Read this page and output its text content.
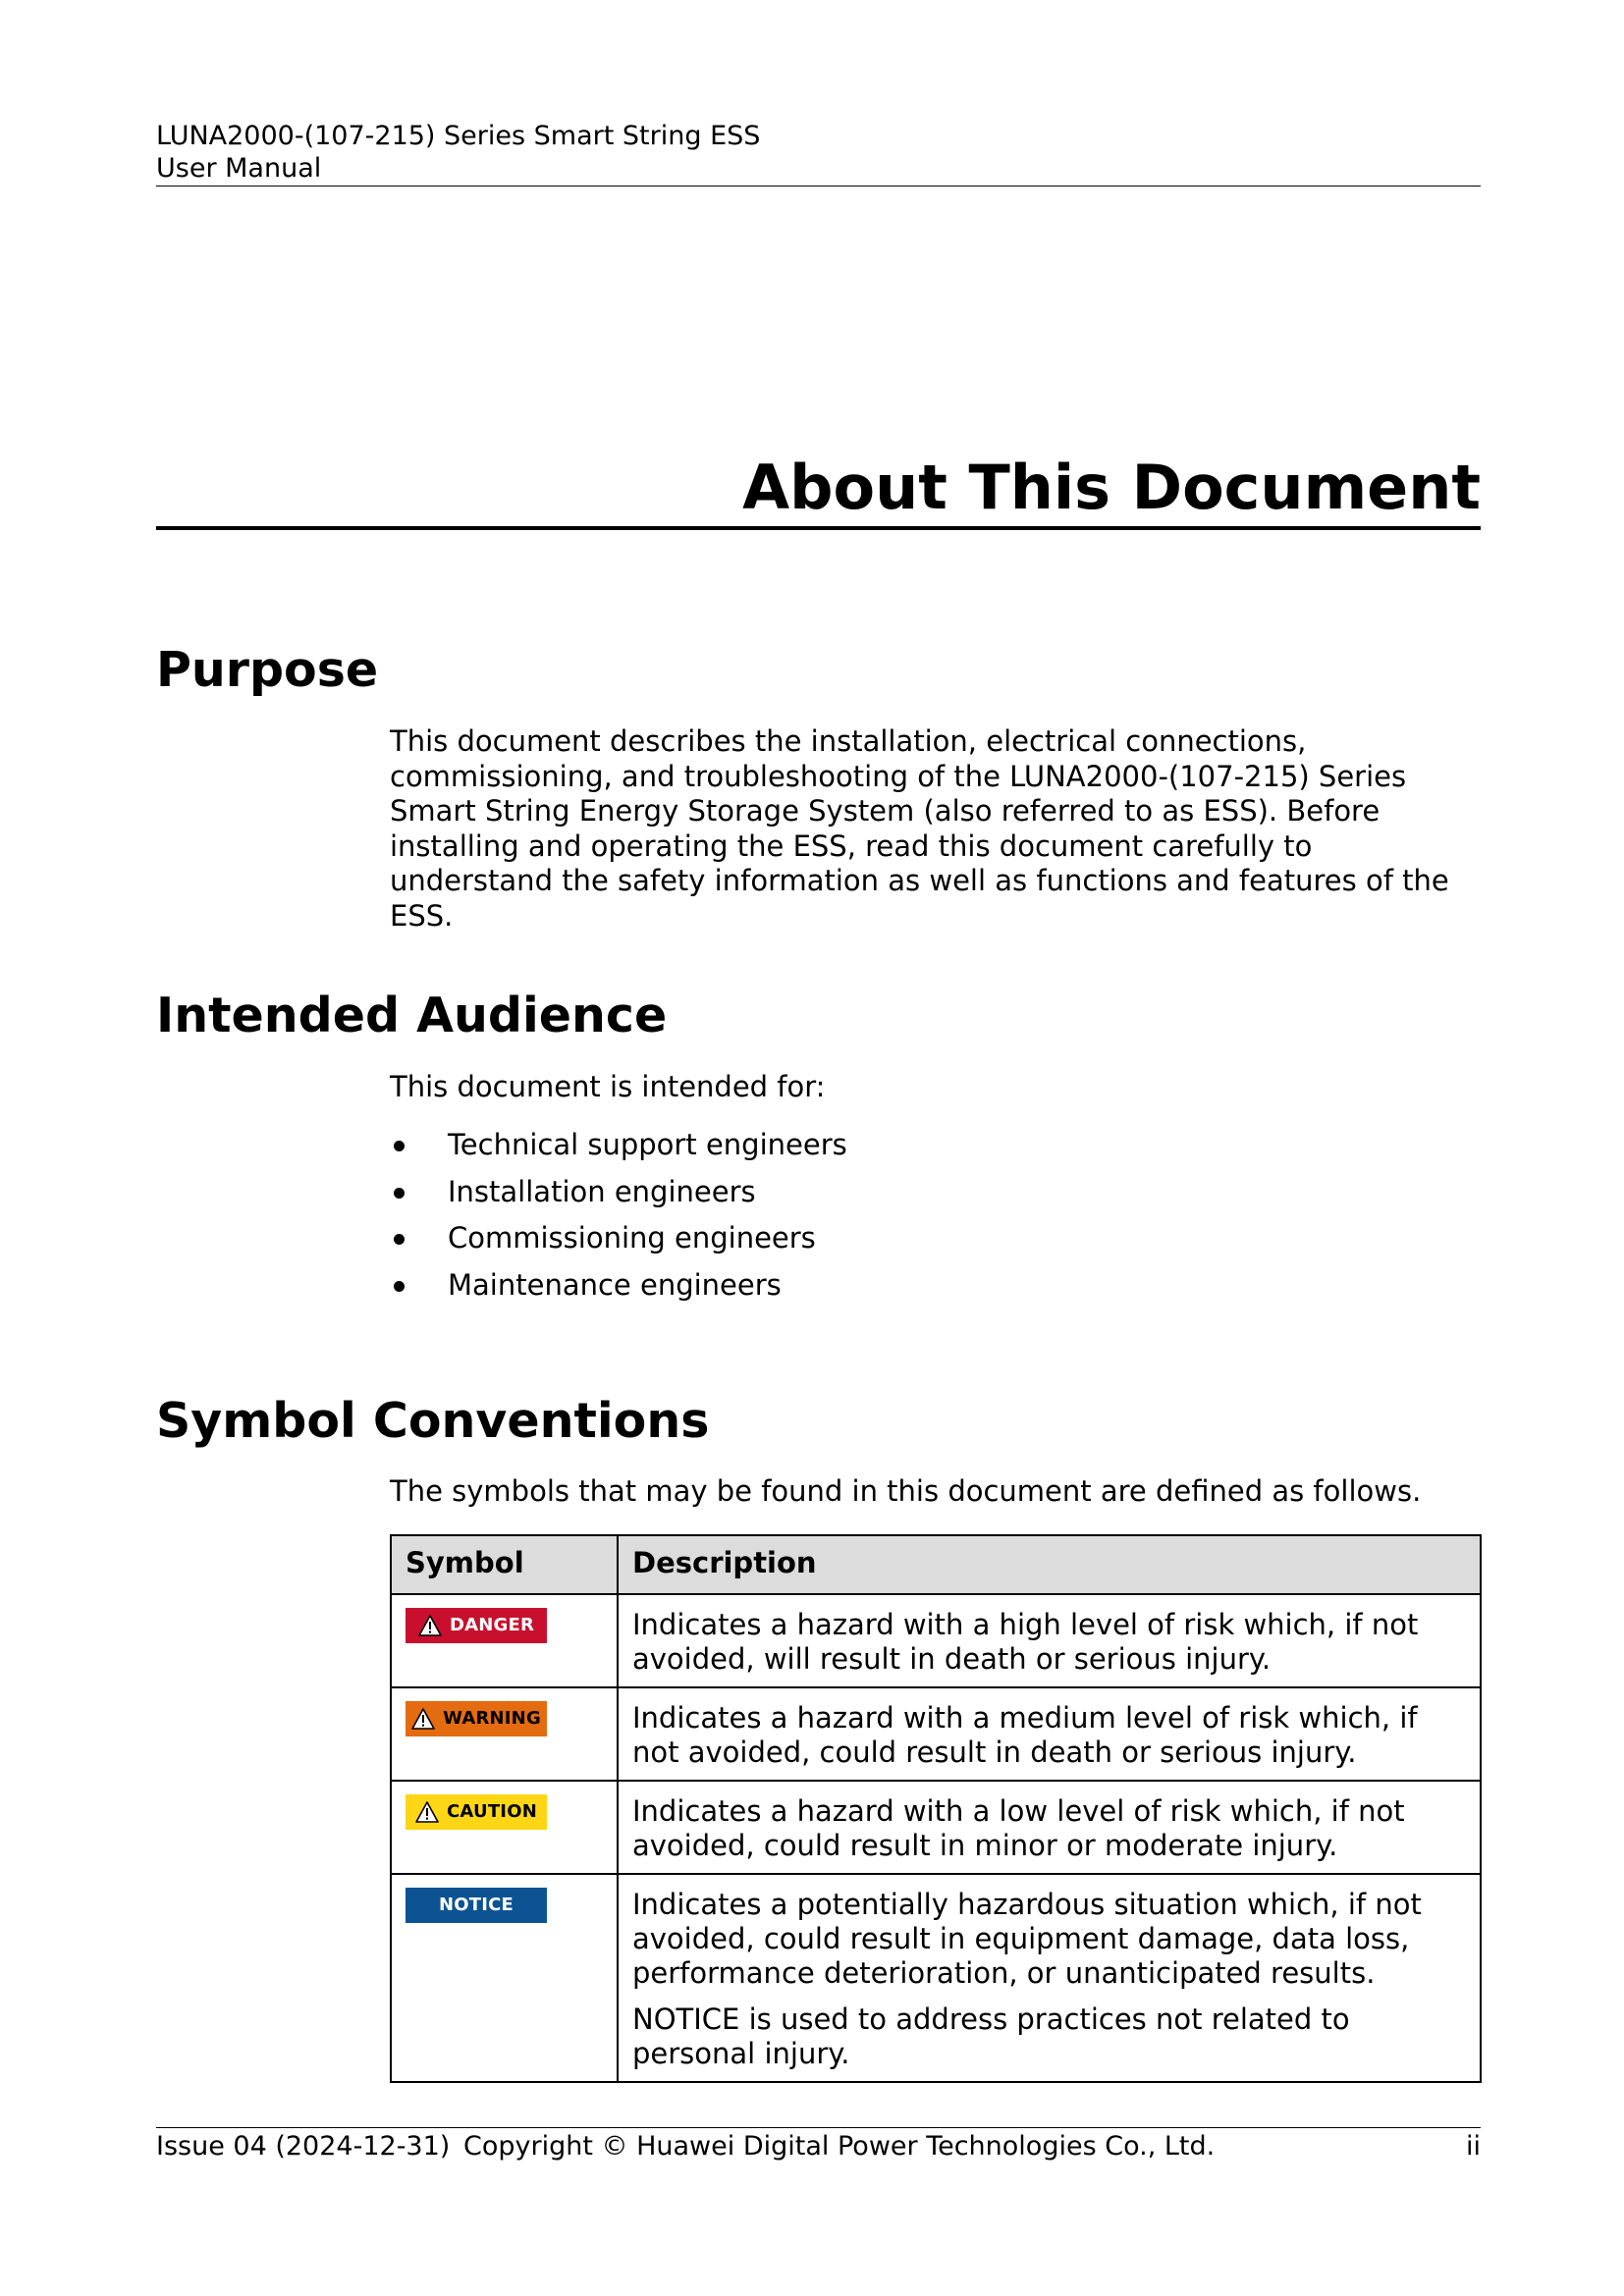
LUNA2000-(107-215) Series Smart String ESS
User Manual
About This Document
Purpose
This document describes the installation, electrical connections, commissioning, and troubleshooting of the LUNA2000-(107-215) Series Smart String Energy Storage System (also referred to as ESS). Before installing and operating the ESS, read this document carefully to understand the safety information as well as functions and features of the ESS.
Intended Audience
This document is intended for:
Technical support engineers
Installation engineers
Commissioning engineers
Maintenance engineers
Symbol Conventions
The symbols that may be found in this document are defined as follows.
Symbol	Description

DANGER	Indicates a hazard with a high level of risk which, if not avoided, will result in death or serious injury.

WARNING	Indicates a hazard with a medium level of risk which, if not avoided, could result in death or serious injury.

CAUTION	Indicates a hazard with a low level of risk which, if not avoided, could result in minor or moderate injury.

NOTICE	Indicates a potentially hazardous situation which, if not avoided, could result in equipment damage, data loss, performance deterioration, or unanticipated results.

NOTICE is used to address practices not related to personal injury.

Issue 04 (2024-12-31) Copyright © Huawei Digital Power Technologies Co., Ltd.	ii
